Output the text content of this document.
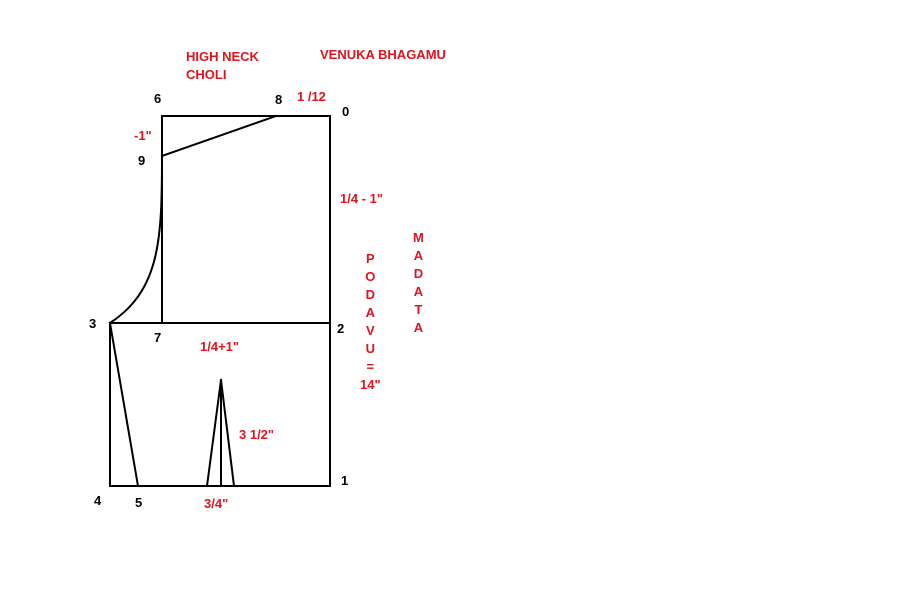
HIGH NECK
CHOLI
VENUKA BHAGAMU
0
1
2
3
4	5
6
7
8
9
1 /12
-1"
1/4 - 1"
1/4+1"
3 1/2"
3/4"
P
O
D
A
V
U
=
14"
M
A
D
A
T
A
